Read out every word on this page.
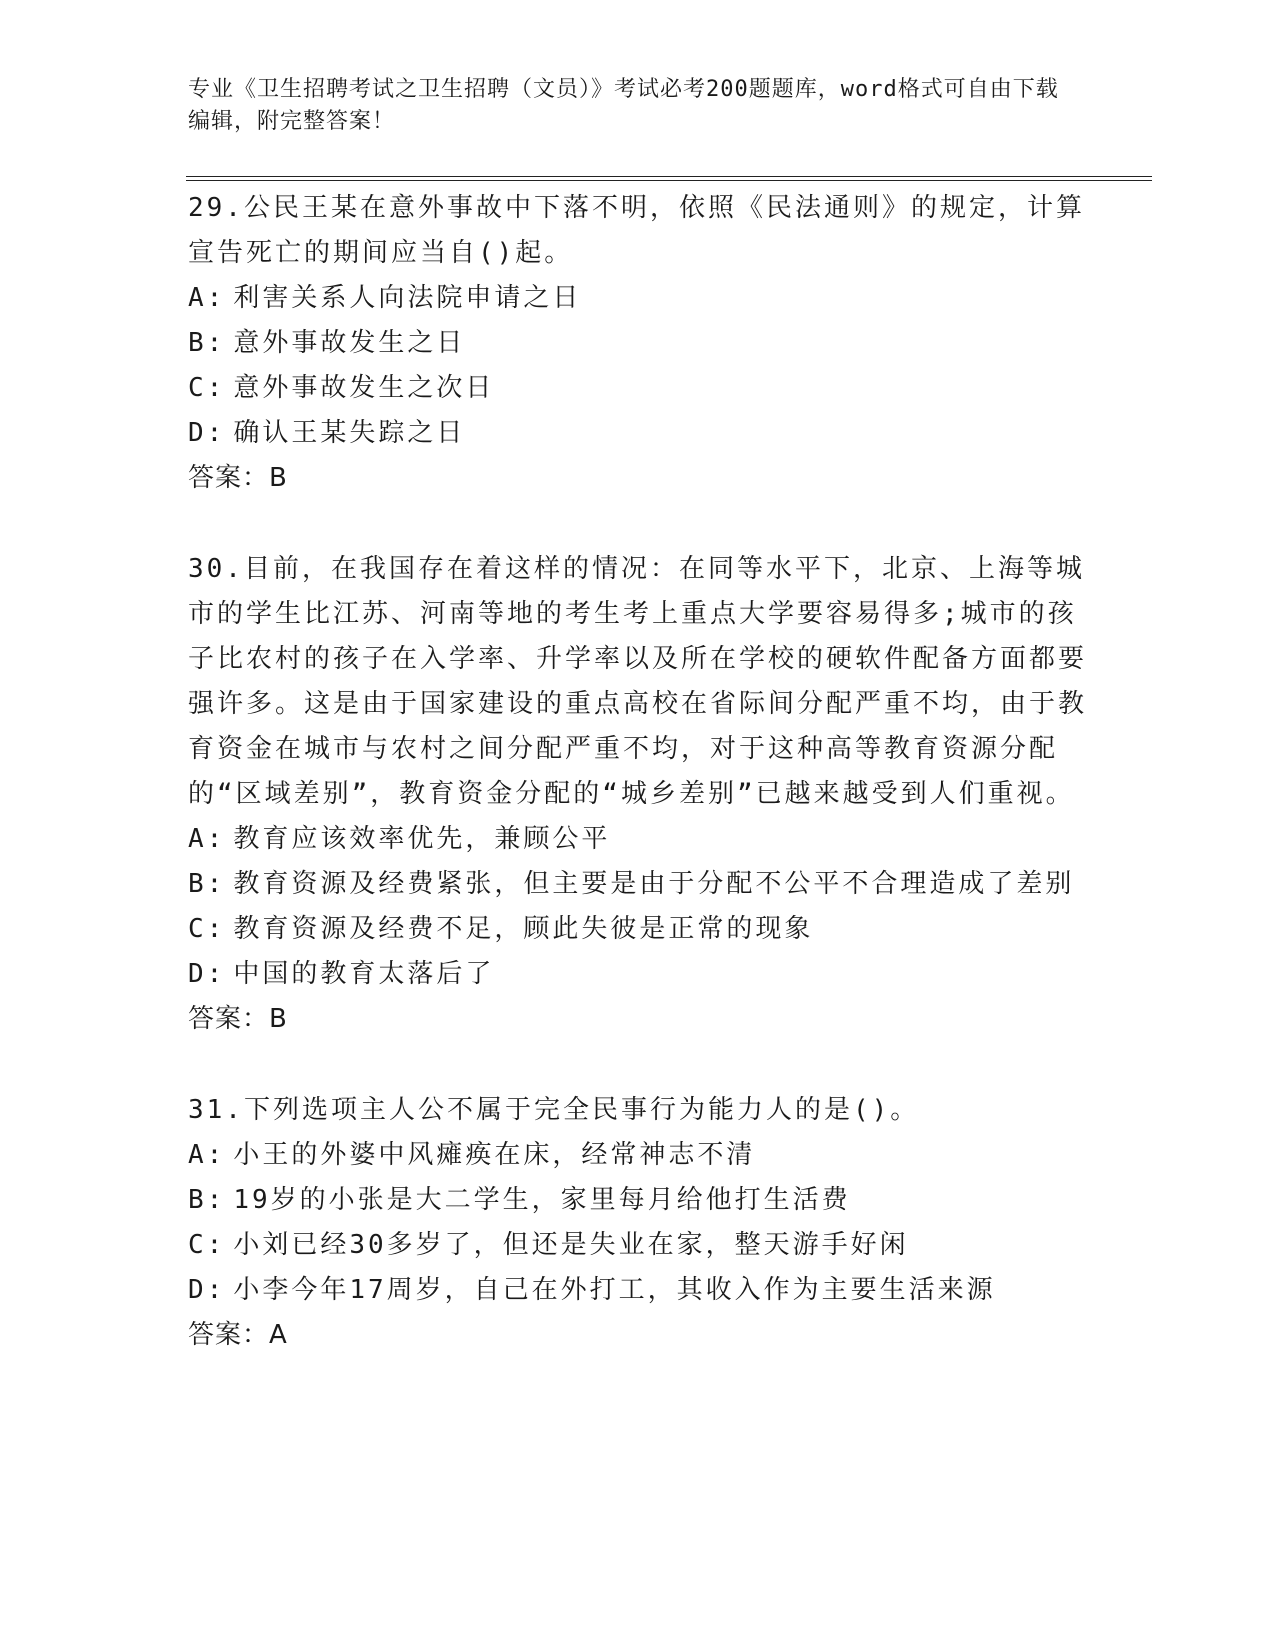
专业《卫生招聘考试之卫生招聘（文员）》考试必考200题题库，word格式可自由下载编辑，附完整答案！

29.公民王某在意外事故中下落不明，依照《民法通则》的规定，计算宣告死亡的期间应当自()起。

A: 利害关系人向法院申请之日
B: 意外事故发生之日
C: 意外事故发生之次日
D: 确认王某失踪之日
答案：B

30.目前，在我国存在着这样的情况：在同等水平下，北京、上海等城市的学生比江苏、河南等地的考生考上重点大学要容易得多;城市的孩子比农村的孩子在入学率、升学率以及所在学校的硬软件配备方面都要强许多。这是由于国家建设的重点高校在省际间分配严重不均，由于教育资金在城市与农村之间分配严重不均，对于这种高等教育资源分配的“区域差别”，教育资金分配的“城乡差别”已越来越受到人们重视。

A: 教育应该效率优先，兼顾公平
B: 教育资源及经费紧张，但主要是由于分配不公平不合理造成了差别
C: 教育资源及经费不足，顾此失彼是正常的现象
D: 中国的教育太落后了
答案：B

31.下列选项主人公不属于完全民事行为能力人的是()。

A: 小王的外婆中风瘫痪在床，经常神志不清
B: 19岁的小张是大二学生，家里每月给他打生活费
C: 小刘已经30多岁了，但还是失业在家，整天游手好闲
D: 小李今年17周岁，自己在外打工，其收入作为主要生活来源
答案：A
